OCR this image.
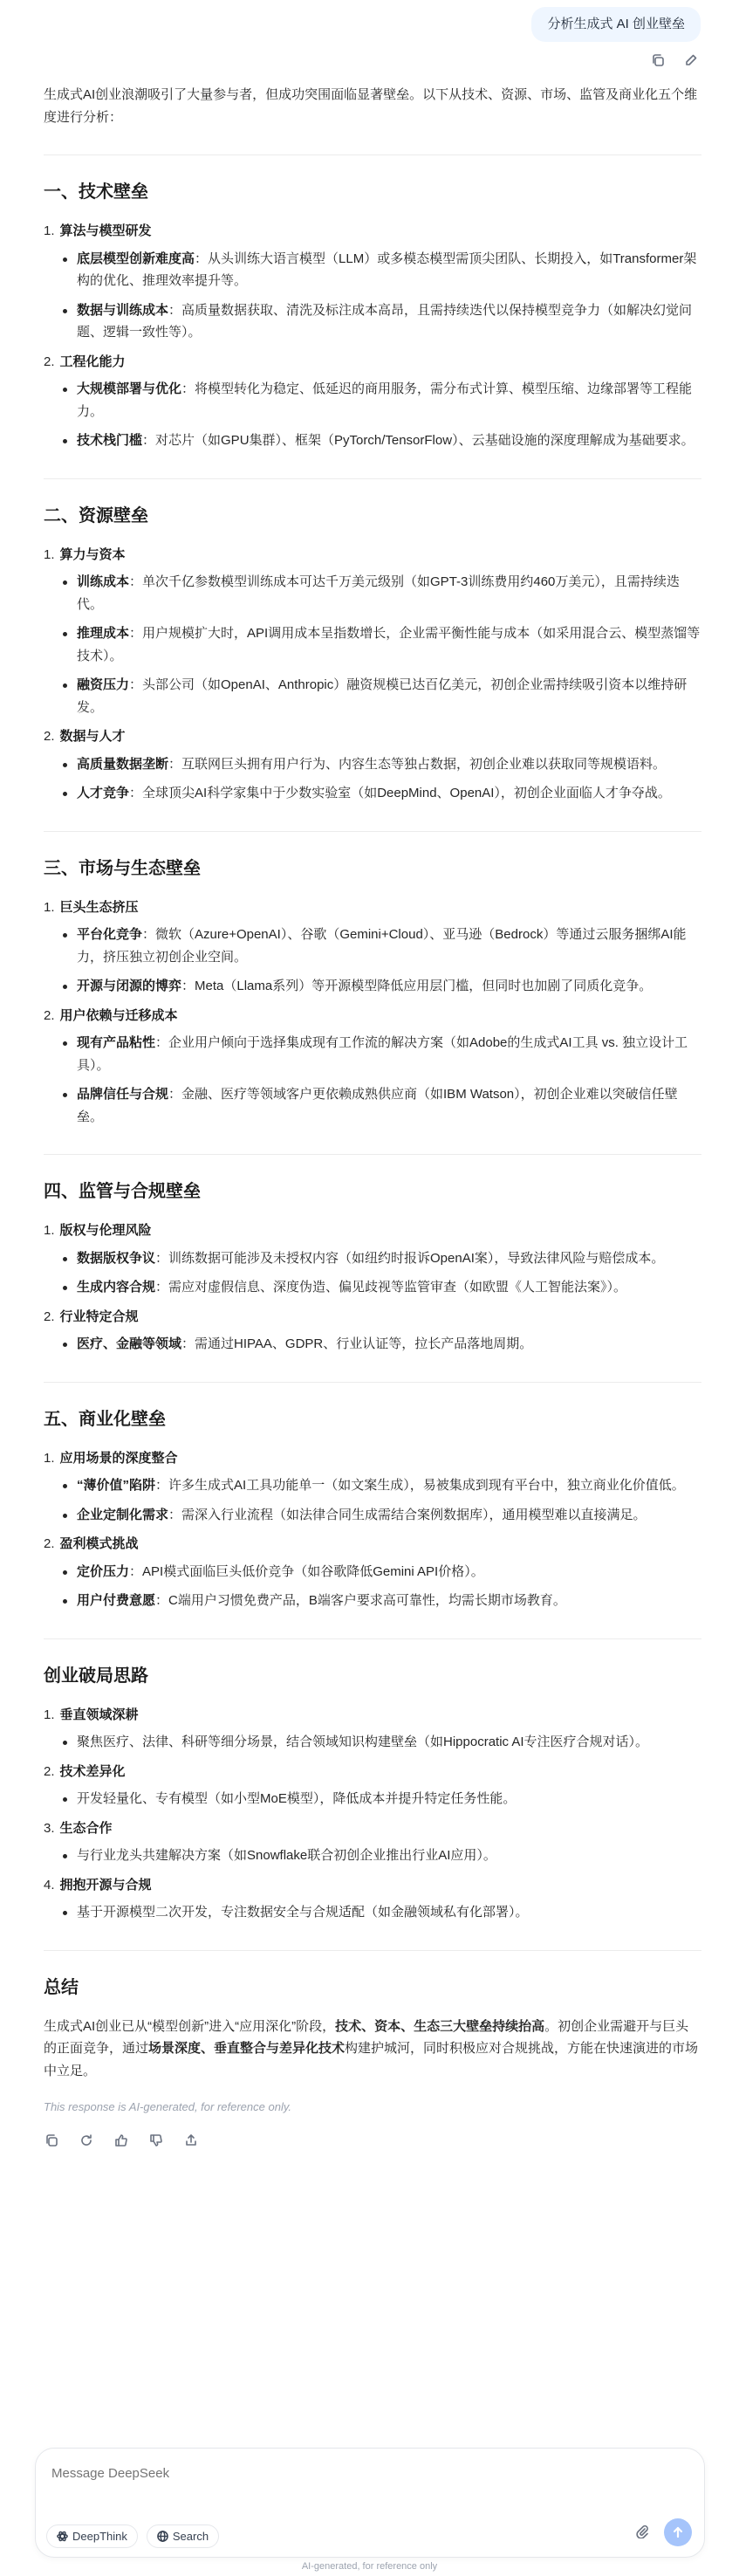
分析生成式 AI 创业壁垒

生成式AI创业浪潮吸引了大量参与者，但成功突围面临显著壁垒。以下从技术、资源、市场、监管及商业化五个维度进行分析：

一、技术壁垒
1. 算法与模型研发
底层模型创新难度高：从头训练大语言模型（LLM）或多模态模型需顶尖团队、长期投入，如Transformer架构的优化、推理效率提升等。
数据与训练成本：高质量数据获取、清洗及标注成本高昂，且需持续迭代以保持模型竞争力（如解决幻觉问题、逻辑一致性等）。
2. 工程化能力
大规模部署与优化：将模型转化为稳定、低延迟的商用服务，需分布式计算、模型压缩、边缘部署等工程能力。
技术栈门槛：对芯片（如GPU集群）、框架（PyTorch/TensorFlow）、云基础设施的深度理解成为基础要求。
二、资源壁垒
1. 算力与资本
训练成本：单次千亿参数模型训练成本可达千万美元级别（如GPT-3训练费用约460万美元），且需持续迭代。
推理成本：用户规模扩大时，API调用成本呈指数增长，企业需平衡性能与成本（如采用混合云、模型蒸馏等技术）。
融资压力：头部公司（如OpenAI、Anthropic）融资规模已达百亿美元，初创企业需持续吸引资本以维持研发。
2. 数据与人才
高质量数据垄断：互联网巨头拥有用户行为、内容生态等独占数据，初创企业难以获取同等规模语料。
人才竞争：全球顶尖AI科学家集中于少数实验室（如DeepMind、OpenAI），初创企业面临人才争夺战。
三、市场与生态壁垒
1. 巨头生态挤压
平台化竞争：微软（Azure+OpenAI）、谷歌（Gemini+Cloud）、亚马逊（Bedrock）等通过云服务捆绑AI能力，挤压独立初创企业空间。
开源与闭源的博弈：Meta（Llama系列）等开源模型降低应用层门槛，但同时也加剧了同质化竞争。
2. 用户依赖与迁移成本
现有产品粘性：企业用户倾向于选择集成现有工作流的解决方案（如Adobe的生成式AI工具 vs. 独立设计工具）。
品牌信任与合规：金融、医疗等领域客户更依赖成熟供应商（如IBM Watson），初创企业难以突破信任壁垒。
四、监管与合规壁垒
1. 版权与伦理风险
数据版权争议：训练数据可能涉及未授权内容（如纽约时报诉OpenAI案），导致法律风险与赔偿成本。
生成内容合规：需应对虚假信息、深度伪造、偏见歧视等监管审查（如欧盟《人工智能法案》）。
2. 行业特定合规
医疗、金融等领域：需通过HIPAA、GDPR、行业认证等，拉长产品落地周期。
五、商业化壁垒
1. 应用场景的深度整合
“薄价值”陷阱：许多生成式AI工具功能单一（如文案生成），易被集成到现有平台中，独立商业化价值低。
企业定制化需求：需深入行业流程（如法律合同生成需结合案例数据库），通用模型难以直接满足。
2. 盈利模式挑战
定价压力：API模式面临巨头低价竞争（如谷歌降低Gemini API价格）。
用户付费意愿：C端用户习惯免费产品，B端客户要求高可靠性，均需长期市场教育。
创业破局思路
1. 垂直领域深耕
聚焦医疗、法律、科研等细分场景，结合领域知识构建壁垒（如Hippocratic AI专注医疗合规对话）。
2. 技术差异化
开发轻量化、专有模型（如小型MoE模型），降低成本并提升特定任务性能。
3. 生态合作
与行业龙头共建解决方案（如Snowflake联合初创企业推出行业AI应用）。
4. 拥抱开源与合规
基于开源模型二次开发，专注数据安全与合规适配（如金融领域私有化部署）。
总结

生成式AI创业已从“模型创新”进入“应用深化”阶段，技术、资本、生态三大壁垒持续抬高。初创企业需避开与巨头的正面竞争，通过场景深度、垂直整合与差异化技术构建护城河，同时积极应对合规挑战，方能在快速演进的市场中立足。

This response is AI-generated, for reference only.

Message DeepSeek
DeepThink	Search
AI-generated, for reference only
